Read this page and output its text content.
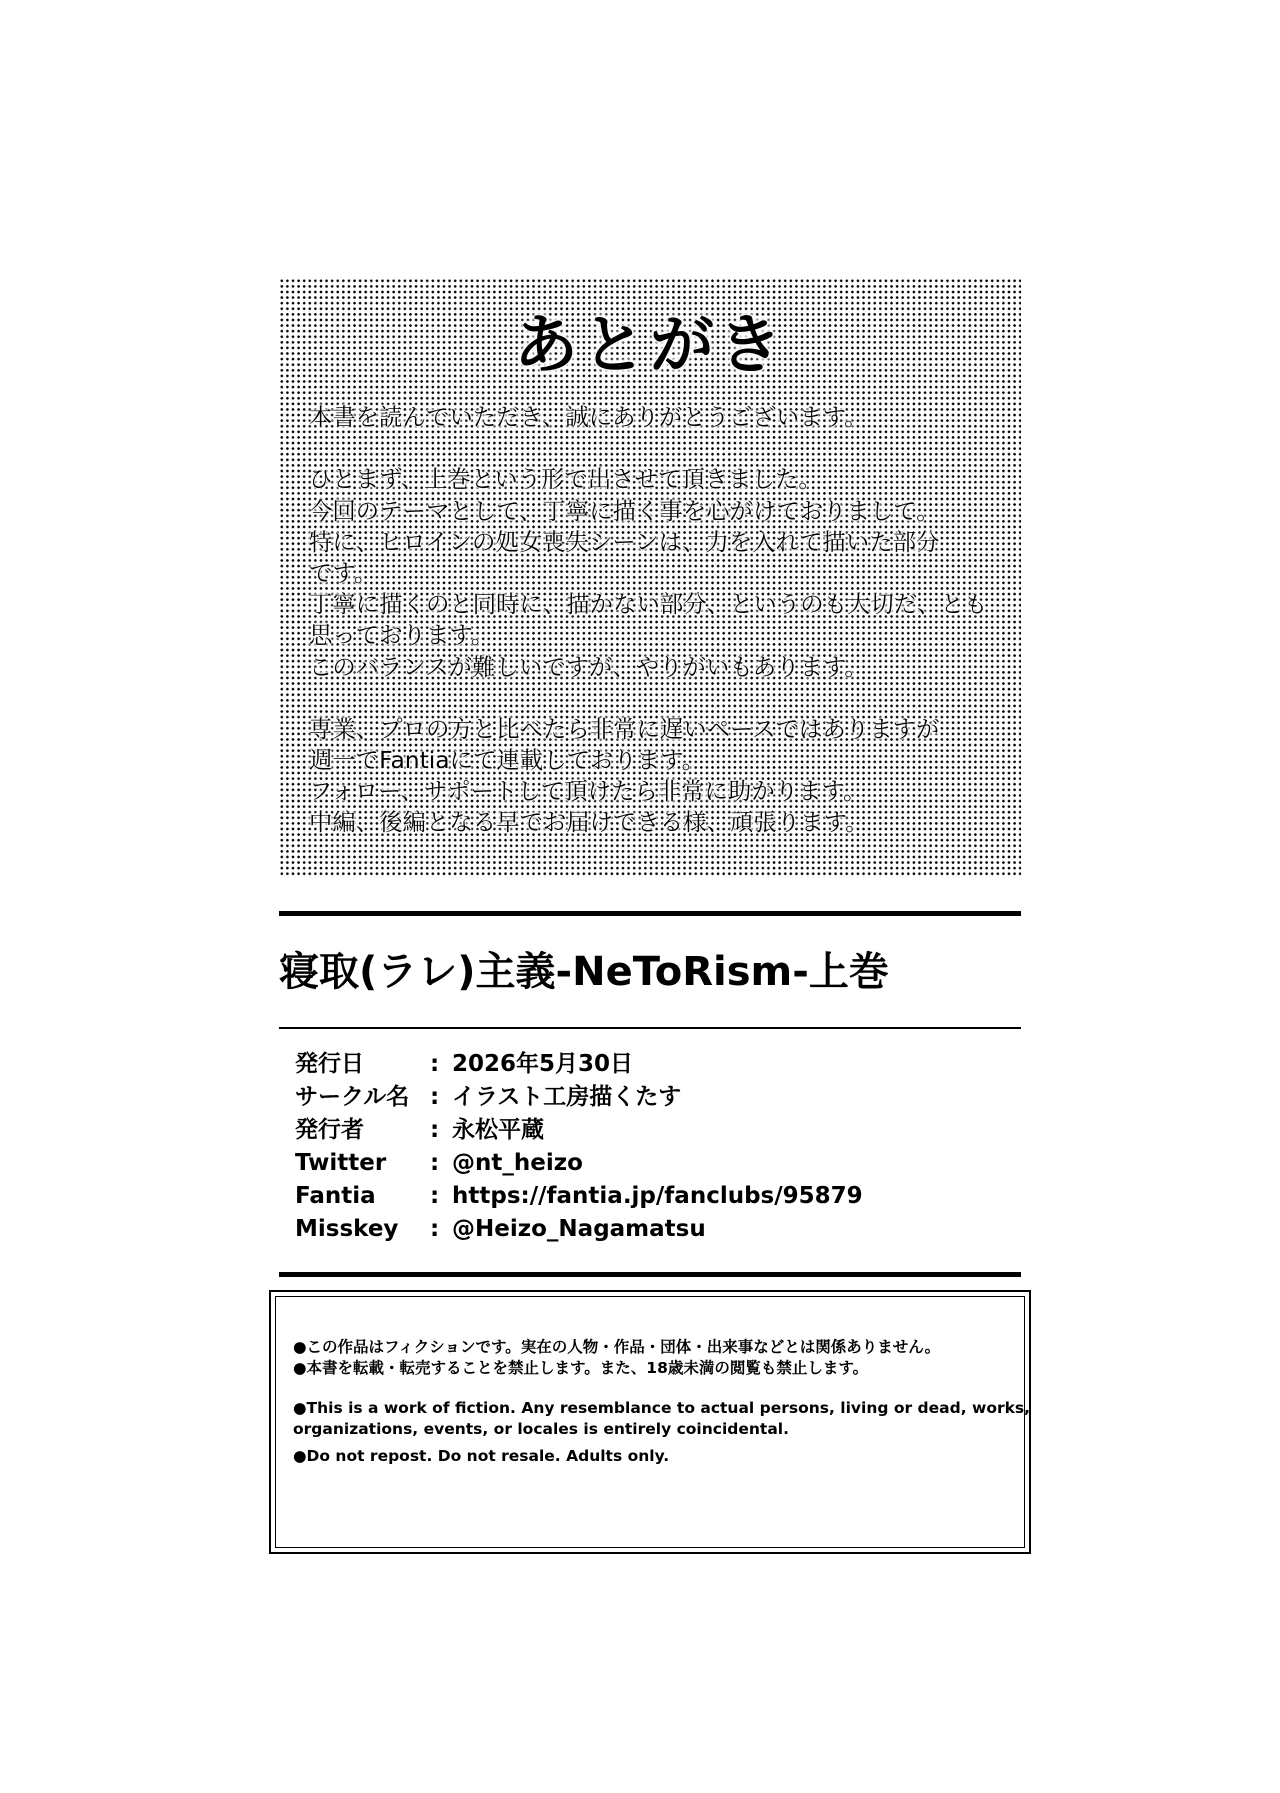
あとがき
本書を読んでいただき、誠にありがとうございます。
ひとまず、上巻という形で出させて頂きました。
今回のテーマとして、丁寧に描く事を心がけておりまして。
特に、ヒロインの処女喪失シーンは、力を入れて描いた部分
です。
丁寧に描くのと同時に、描かない部分、というのも大切だ、とも
思っております。
このバランスが難しいですが、やりがいもあります。
専業、プロの方と比べたら非常に遅いペースではありますが
週一でFantiaにて連載しております。
フォロー、サポートして頂けたら非常に助かります。
中編、後編となる早でお届けできる様、頑張ります。
寝取(ラレ)主義-NeToRism-上巻
発行日	: 2026年5月30日
サークル名 : イラスト工房描くたす
発行者	: 永松平蔵
Twitter	: @nt_heizo
Fantia	: https://fantia.jp/fanclubs/95879
Misskey	: @Heizo_Nagamatsu
●この作品はフィクションです。実在の人物・作品・団体・出来事などとは関係ありません。
●本書を転載・転売することを禁止します。また、18歳未満の閲覧も禁止します。
●This is a work of fiction. Any resemblance to actual persons, living or dead, works,
organizations, events, or locales is entirely coincidental.
●Do not repost. Do not resale. Adults only.
